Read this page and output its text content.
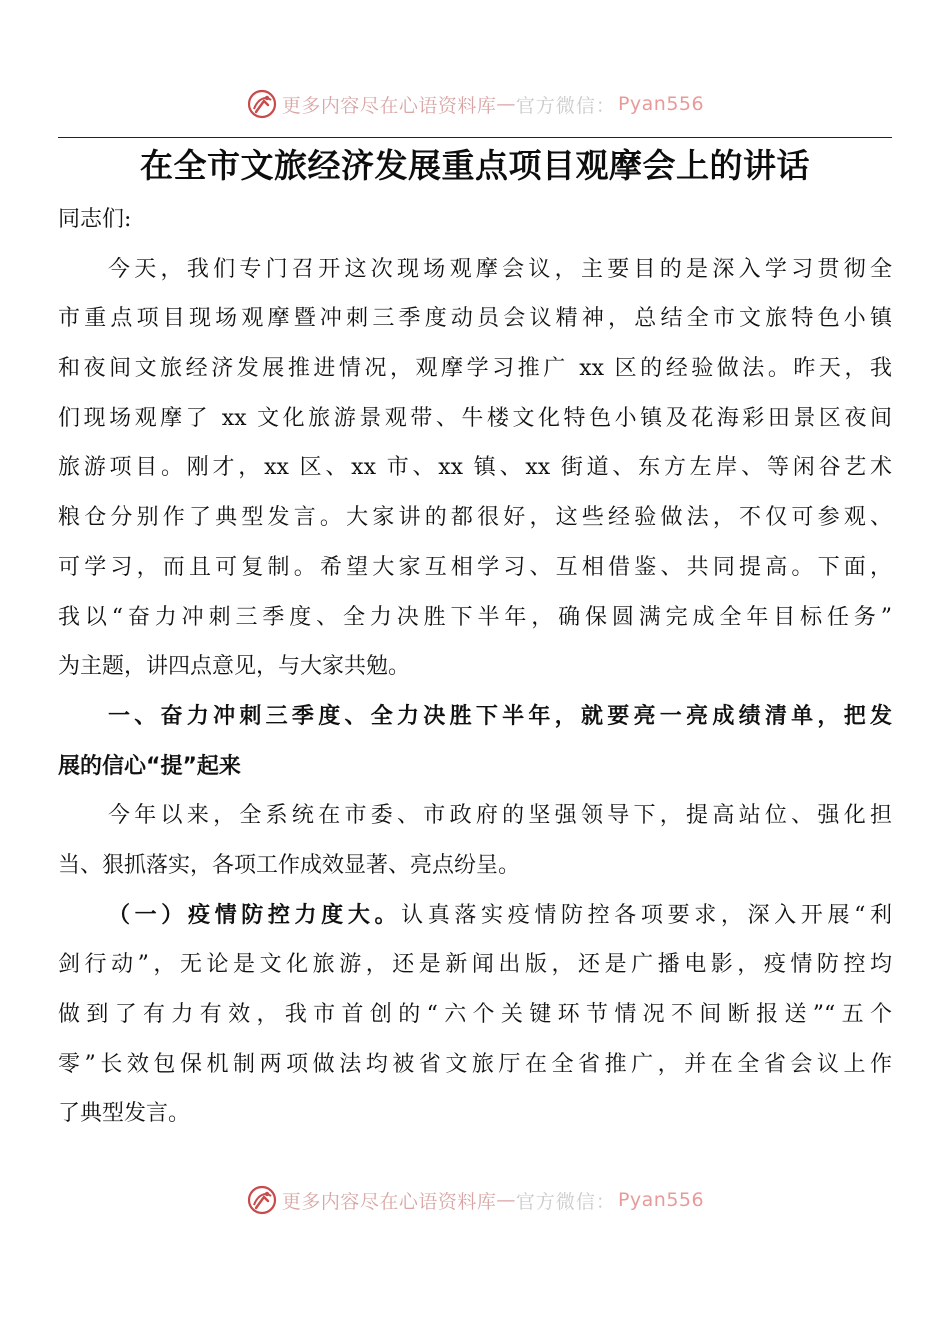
更多内容尽在心语资料库 — 官方微信： Pyan556
在全市文旅经济发展重点项目观摩会上的讲话
同志们:
今天，我们专门召开这次现场观摩会议，主要目的是深入学习贯彻全
市重点项目现场观摩暨冲刺三季度动员会议精神，总结全市文旅特色小镇
和夜间文旅经济发展推进情况，观摩学习推广 xx 区的经验做法。昨天，我
们现场观摩了 xx 文化旅游景观带、牛楼文化特色小镇及花海彩田景区夜间
旅游项目。刚才，xx 区、xx 市、xx 镇、xx 街道、东方左岸、等闲谷艺术
粮仓分别作了典型发言。大家讲的都很好，这些经验做法，不仅可参观、
可学习，而且可复制。希望大家互相学习、互相借鉴、共同提高。下面，
我以“奋力冲刺三季度、全力决胜下半年，确保圆满完成全年目标任务”
为主题，讲四点意见，与大家共勉。
一、奋力冲刺三季度、全力决胜下半年，就要亮一亮成绩清单，把发
展的信心“提”起来
今年以来，全系统在市委、市政府的坚强领导下，提高站位、强化担
当、狠抓落实，各项工作成效显著、亮点纷呈。
（一）疫情防控力度大。认真落实疫情防控各项要求，深入开展“利
剑行动”，无论是文化旅游，还是新闻出版，还是广播电影，疫情防控均
做到了有力有效，我市首创的“六个关键环节情况不间断报送”“五个
零”长效包保机制两项做法均被省文旅厅在全省推广，并在全省会议上作
了典型发言。
更多内容尽在心语资料库 — 官方微信： Pyan556
